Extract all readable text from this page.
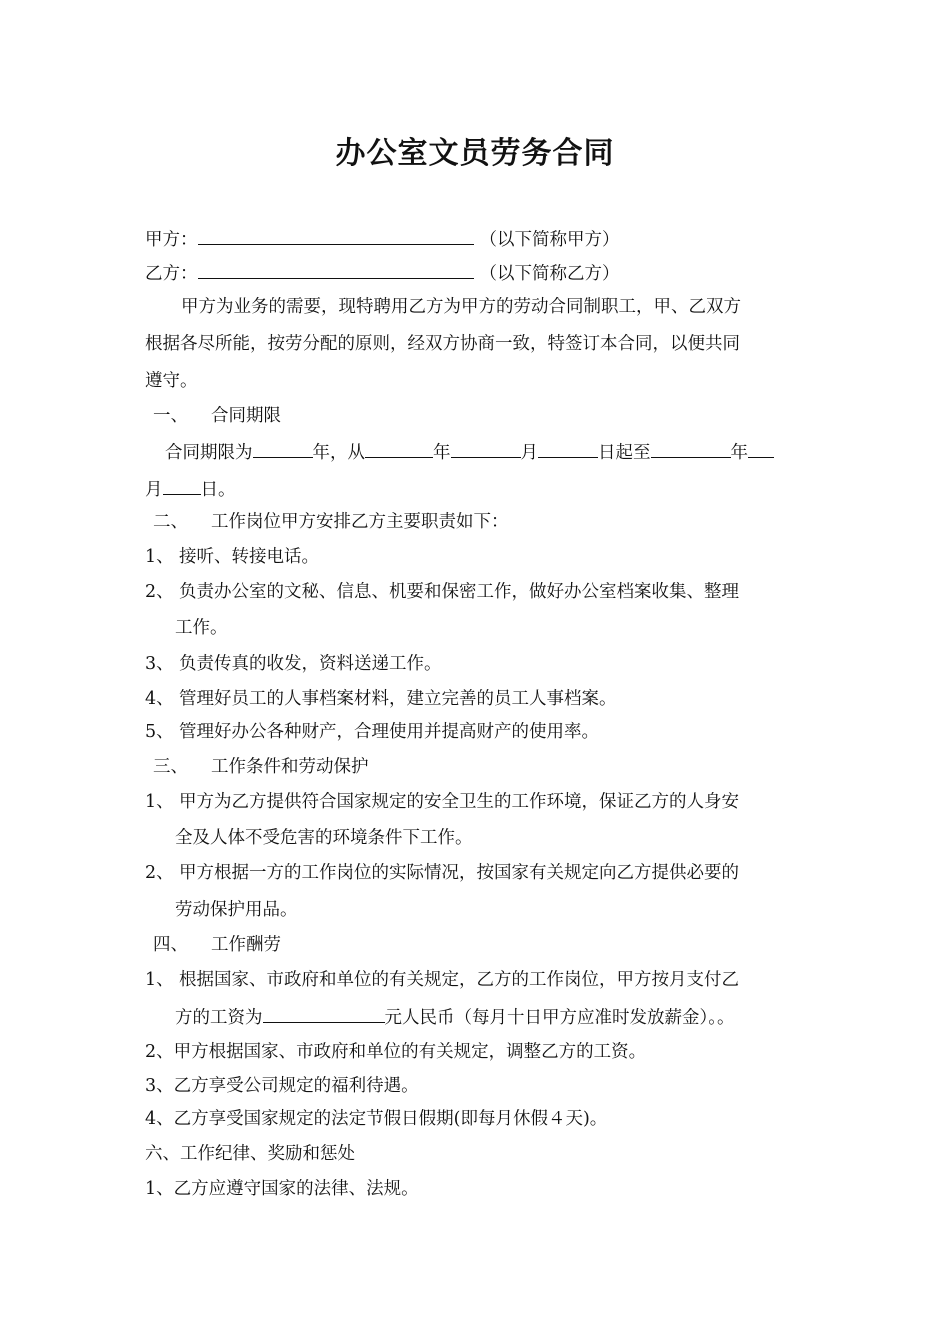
办公室文员劳务合同
甲方：	（以下简称甲方）
乙方：	（以下简称乙方）
甲方为业务的需要，现特聘用乙方为甲方的劳动合同制职工，甲、乙双方
根据各尽所能，按劳分配的原则，经双方协商一致，特签订本合同，以便共同
遵守。
一、 合同期限
合同期限为	年，从	年	月	日起至	年
月 日。
二、 工作岗位甲方安排乙方主要职责如下：
1、 接听、转接电话。
2、 负责办公室的文秘、信息、机要和保密工作，做好办公室档案收集、整理
工作。
3、 负责传真的收发，资料送递工作。
4、 管理好员工的人事档案材料，建立完善的员工人事档案。
5、 管理好办公各种财产，合理使用并提高财产的使用率。
三、 工作条件和劳动保护
1、 甲方为乙方提供符合国家规定的安全卫生的工作环境，保证乙方的人身安
全及人体不受危害的环境条件下工作。
2、 甲方根据一方的工作岗位的实际情况，按国家有关规定向乙方提供必要的
劳动保护用品。
四、 工作酬劳
1、 根据国家、市政府和单位的有关规定，乙方的工作岗位，甲方按月支付乙
方的工资为	元人民币（每月十日甲方应准时发放薪金）。。
2、甲方根据国家、市政府和单位的有关规定，调整乙方的工资。
3、乙方享受公司规定的福利待遇。
4、乙方享受国家规定的法定节假日假期(即每月休假４天)。
六、工作纪律、奖励和惩处
1、乙方应遵守国家的法律、法规。
